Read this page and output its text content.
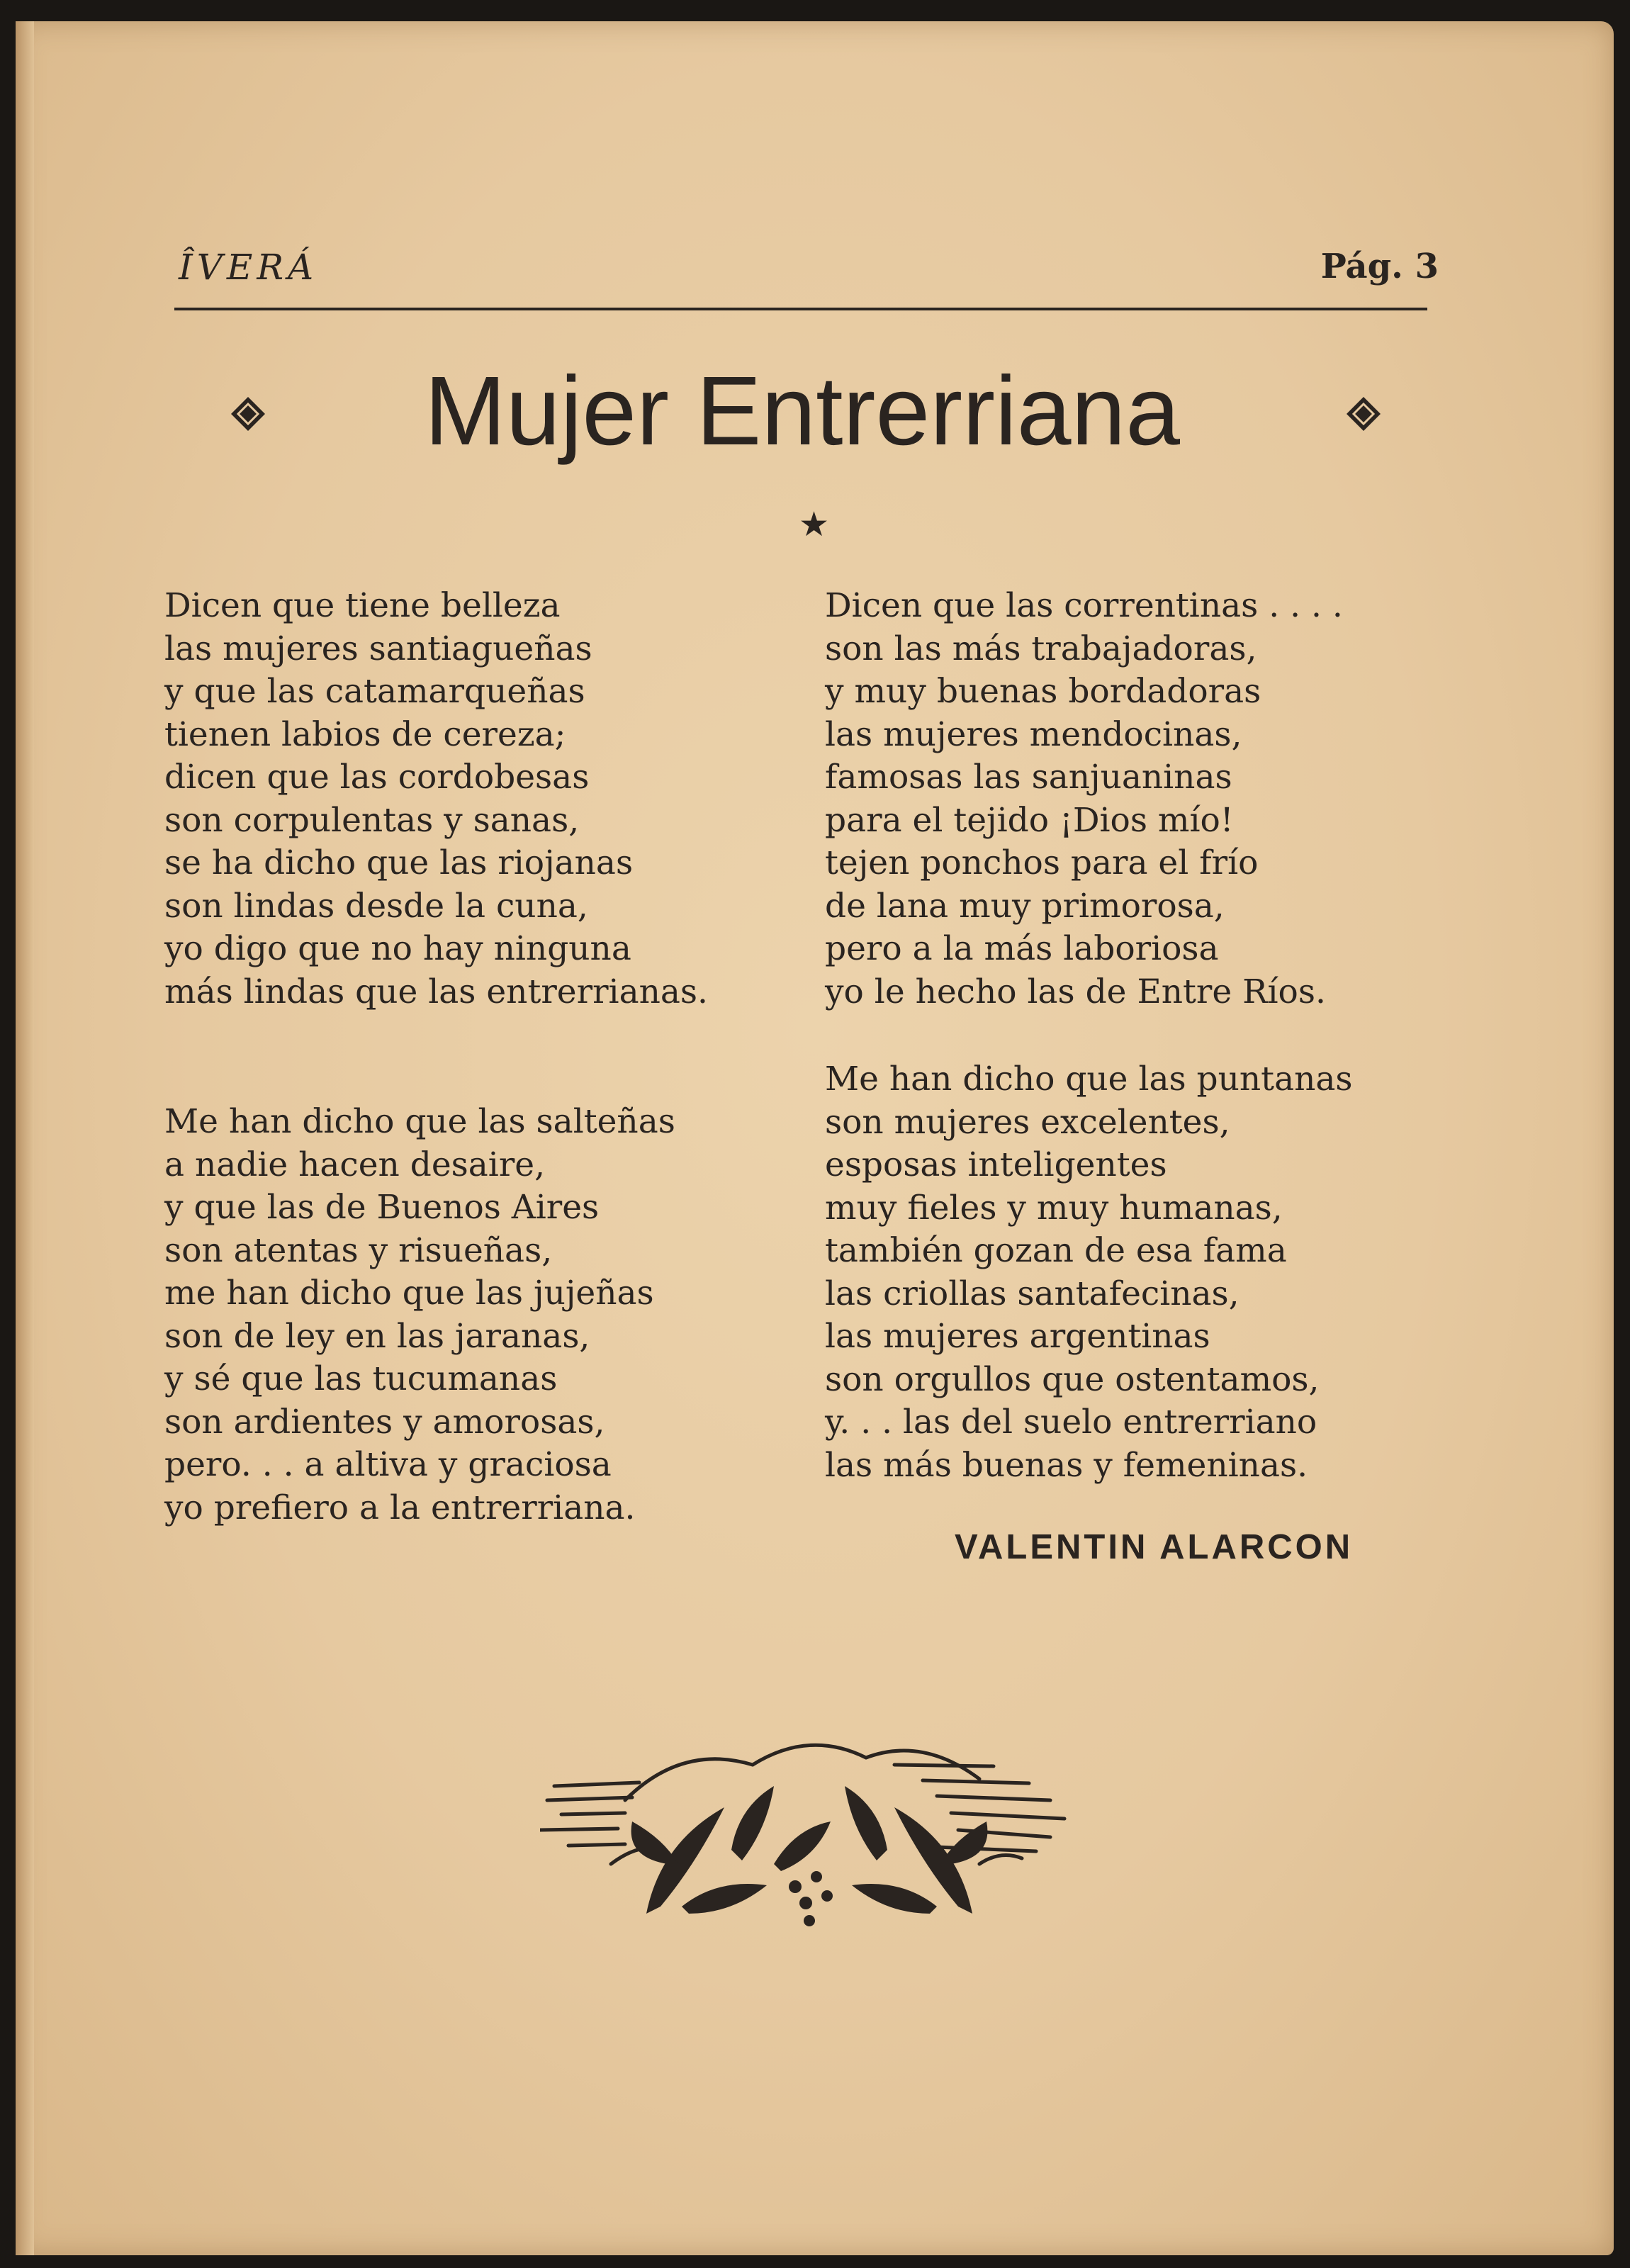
ÎVERÁ	Pág. 3
Mujer Entrerriana
★
Dicen que tiene belleza
las mujeres santiagueñas
y que las catamarqueñas
tienen labios de cereza;
dicen que las cordobesas
son corpulentas y sanas,
se ha dicho que las riojanas
son lindas desde la cuna,
yo digo que no hay ninguna
más lindas que las entrerrianas.
Dicen que las correntinas . . . .
son las más trabajadoras,
y muy buenas bordadoras
las mujeres mendocinas,
famosas las sanjuaninas
para el tejido ¡Dios mío!
tejen ponchos para el frío
de lana muy primorosa,
pero a la más laboriosa
yo le hecho las de Entre Ríos.
Me han dicho que las salteñas
a nadie hacen desaire,
y que las de Buenos Aires
son atentas y risueñas,
me han dicho que las jujeñas
son de ley en las jaranas,
y sé que las tucumanas
son ardientes y amorosas,
pero. . . a altiva y graciosa
yo prefiero a la entrerriana.
Me han dicho que las puntanas
son mujeres excelentes,
esposas inteligentes
muy fieles y muy humanas,
también gozan de esa fama
las criollas santafecinas,
las mujeres argentinas
son orgullos que ostentamos,
y. . . las del suelo entrerriano
las más buenas y femeninas.
VALENTIN ALARCON
